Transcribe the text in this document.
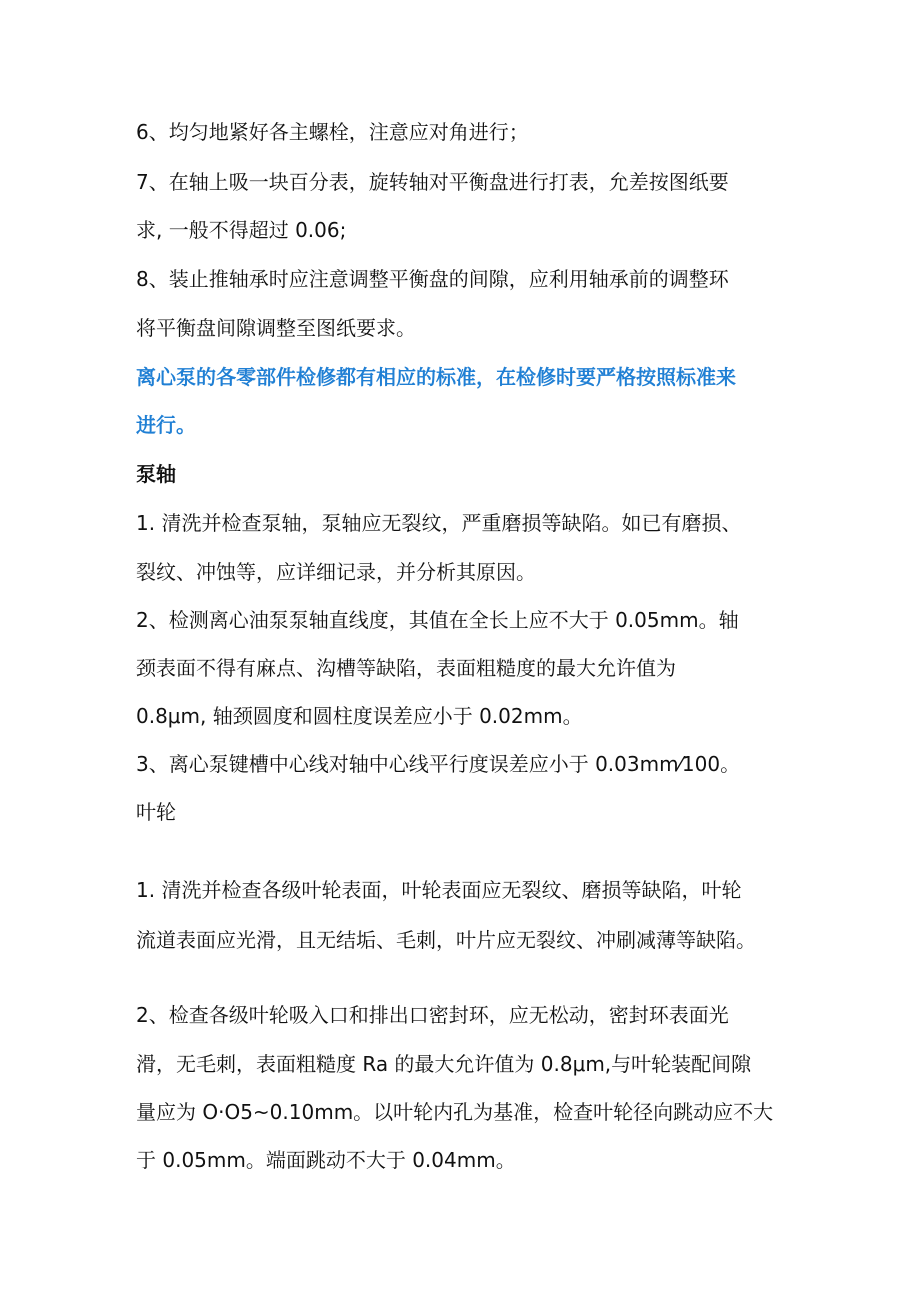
6、均匀地紧好各主螺栓，注意应对角进行；
7、在轴上吸一块百分表，旋转轴对平衡盘进行打表，允差按图纸要
求, 一般不得超过 0.06;
8、装止推轴承时应注意调整平衡盘的间隙，应利用轴承前的调整环
将平衡盘间隙调整至图纸要求。
离心泵的各零部件检修都有相应的标准，在检修时要严格按照标准来
进行。
泵轴
1. 清洗并检查泵轴，泵轴应无裂纹，严重磨损等缺陷。如已有磨损、
裂纹、冲蚀等，应详细记录，并分析其原因。
2、检测离心油泵泵轴直线度，其值在全长上应不大于 0.05mm。轴
颈表面不得有麻点、沟槽等缺陷，表面粗糙度的最大允许值为
0.8μm, 轴颈圆度和圆柱度误差应小于 0.02mm。
3、离心泵键槽中心线对轴中心线平行度误差应小于 0.03mm⁄100。
叶轮
1. 清洗并检查各级叶轮表面，叶轮表面应无裂纹、磨损等缺陷，叶轮
流道表面应光滑，且无结垢、毛刺，叶片应无裂纹、冲刷减薄等缺陷。
2、检查各级叶轮吸入口和排出口密封环，应无松动，密封环表面光
滑，无毛刺，表面粗糙度 Ra 的最大允许值为 0.8μm,与叶轮装配间隙
量应为 O·O5~0.10mm。以叶轮内孔为基准，检查叶轮径向跳动应不大
于 0.05mm。端面跳动不大于 0.04mm。
